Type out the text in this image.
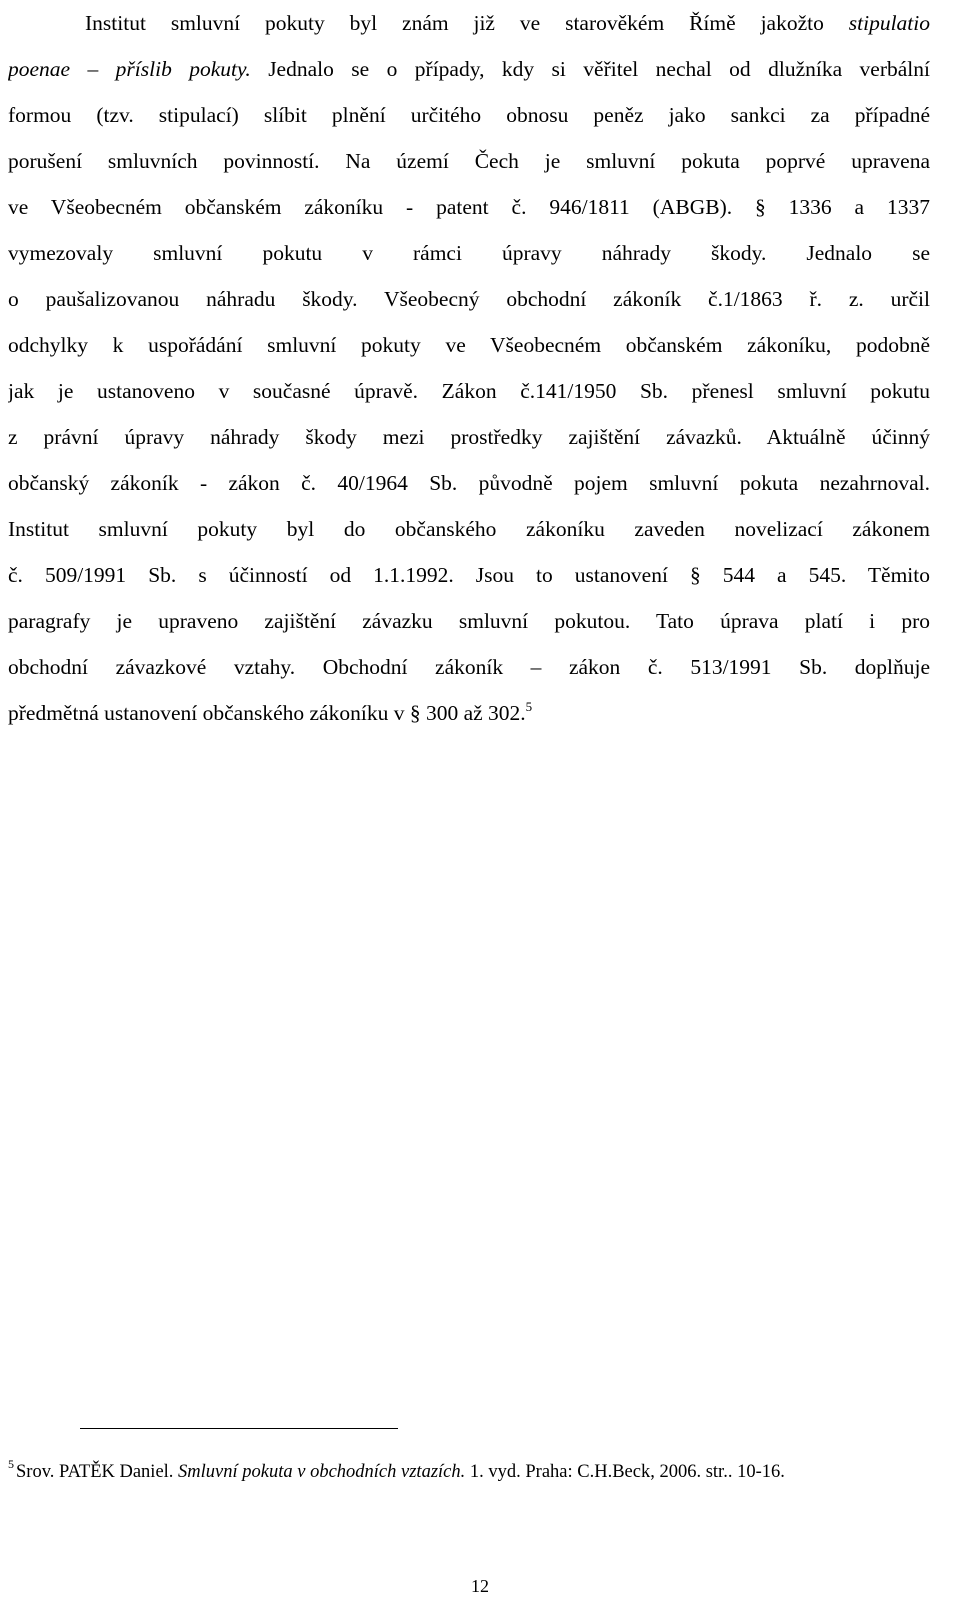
Institut smluvní pokuty byl znám již ve starověkém Římě jakožto stipulatio
poenae – příslib pokuty. Jednalo se o případy, kdy si věřitel nechal od dlužníka verbální
formou (tzv. stipulací) slíbit plnění určitého obnosu peněz jako sankci za případné
porušení smluvních povinností. Na území Čech je smluvní pokuta poprvé upravena
ve Všeobecném občanském zákoníku - patent č. 946/1811 (ABGB). § 1336 a 1337
vymezovaly smluvní pokutu v rámci úpravy náhrady škody. Jednalo se
o paušalizovanou náhradu škody. Všeobecný obchodní zákoník č.1/1863 ř. z. určil
odchylky k uspořádání smluvní pokuty ve Všeobecném občanském zákoníku, podobně
jak je ustanoveno v současné úpravě. Zákon č.141/1950 Sb. přenesl smluvní pokutu
z právní úpravy náhrady škody mezi prostředky zajištění závazků. Aktuálně účinný
občanský zákoník - zákon č. 40/1964 Sb. původně pojem smluvní pokuta nezahrnoval.
Institut smluvní pokuty byl do občanského zákoníku zaveden novelizací zákonem
č. 509/1991 Sb. s účinností od 1.1.1992. Jsou to ustanovení § 544 a 545. Těmito
paragrafy je upraveno zajištění závazku smluvní pokutou. Tato úprava platí i pro
obchodní závazkové vztahy. Obchodní zákoník – zákon č. 513/1991 Sb. doplňuje
předmětná ustanovení občanského zákoníku v § 300 až 302.$^5$
$^5$ Srov. PATĚK Daniel. Smluvní pokuta v obchodních vztazích. 1. vyd. Praha: C.H.Beck, 2006. str.. 10-16.
12
